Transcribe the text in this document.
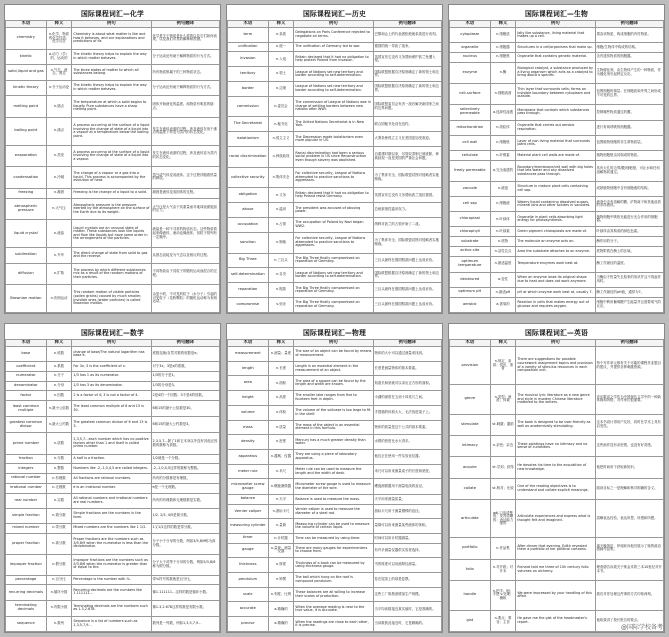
国际课程词汇—化学
术语	释义	例句	例句翻译
chemistry	n.化学，物质的化学性质；化学反应	Chemistry is about what matter is like and how it behaves, and our explanations and predictions of its	化学是关于物质是什么样的以及它们如何表现，以及我们对其的解释和预测。
kinetic	a.动力（学）的，运动的	The kinetic theory helps to explain the way in which matter behaves.	分子运动论有助于解释物质的行为方式。
solid,liquid and gas	n.气态，液态，固态	The three states of matter to which all substances belong.	所有物质都属于的三种物质状态。
kinetic theory	n.分子运动论	The kinetic theory helps to explain the way in which matter behaves.	分子运动论有助于解释物质的行为方式。
melting point	n.熔点	The temperature at which a solid begins to liquefy. Pure substances have a sharp melting point.	固体开始液化的温度。纯物质有明显的熔点。
boiling point	n.沸点	A process occurring at the surface of a liquid involving the change of state of a liquid into a vapour at a temperature below the boiling point.	发生在液体表面的过程，涉及液体在低于沸点的温度下转变为蒸汽的状态变化。
evaporation	n.蒸发	A process occurring at the surface of a liquid involving the change of state of a liquid into a vapour.	发生在液体表面的过程，涉及液体变为蒸汽的状态变化。
condensation	n.冷凝	The change of a vapour or a gas into a liquid. This process is accompanied by the evolution of heat.	蒸气或气体变成液体。这个过程伴随着热量的释放。
freezing	n.凝固	Freezing is the change of a liquid to a solid.	凝固是液体变成固体的过程。
atmospheric pressure	n.大气压	Atmospheric pressure is the pressure exerted by the atmosphere on the surface of the Earth due to its weight.	大气压是大气由于其重量而对地球表面施加的压力。
liquid crystal	n.液晶	Liquid crystals are an unusual state of matter. These substances look like liquids and flow like liquids but have some order in the arrangement of the particles.	液晶是一种不寻常的物质状态。这些物质看起来像液体，流动也像液体，但粒子排列有一定顺序。
sublimation	n.升华	The direct change of state from solid to gas and the reverse.	从固态直接变为气态以及相反的过程。
diffusion	n.扩散	The process by which different substances mix as a result of the random motions of their particles.	不同物质由于其粒子的随机运动而混合的过程。
Brownian motion	n.布朗运动	This random motion of visible particles (pollen grains) caused by much smaller, invisible ones (water particles) is called Brownian motion.	由更小的、不可见的粒子（水分子）引起的可见粒子（花粉颗粒）的随机运动称为布朗运动。
国际课程词汇—历史
术语	释义	例句	例句翻译
term	n.条款	Delegations on Paris Conference rejected to negotiate on terms.	巴黎和会上的代表团拒绝就条款进行谈判。
unification	n.统一	The unification of Germany led to war.	德国的统一导致了战争。
invasion	n.入侵	Britain declared that it had no obligation to help protect Poland from invasion.	英国宣布它没有义务帮助保护波兰免遭入侵。
territory	n.领土	League of Nations set new territory and border according to self-determination.	国际联盟根据自决原则确定了新的领土和边界。
border	n.边境	League of Nations set new territory and border according to self-determination.	国际联盟根据自决原则确定了新的领土和边界。
commission	n.委员会	The commission of League of Nations was in charge of settling borders between new nations after WWI.	国际联盟委员会负责一战后解决新国家之间的边界问题。
The Secretariat	n.秘书处	The United Nations Secretariat is in New York.	联合国秘书处设在纽约。
isolationism	n.孤立主义	The Depression made isolationism even more popular in US.	大萧条使孤立主义在美国更加受欢迎。
racial discrimination	n.种族歧视	Racial discrimination had been a serious social problem in US since Reconstruction even though slavery was abolished.	自重建时期以来，尽管奴隶制已被废除，种族歧视一直是美国的严重社会问题。
collective security	n.集体安全	For collective security, League of Nations attempted to practice sanctions to aggressors.	为了集体安全，国际联盟试图对侵略者实施制裁。
obligation	n.义务	Britain declared that it had no obligation to help Poland resist Germany.	英国宣布它没有义务帮助波兰抵抗德国。
abuse	n.滥用	The president was accused of abusing power.	总统被指控滥用权力。
occupation	n.占领	The occupation of Poland by Nazi began WW2.	纳粹对波兰的占领开始了二战。
sanction	n.制裁	For collective security, League of Nations attempted to practice sanctions to aggressors.	为了集体安全，国际联盟试图对侵略者实施制裁。
Big Three	n.三巨头	The Big Three finally compromised on reparation of Germany.	三巨头最终在德国赔款问题上达成妥协。
self-determination	n.自决	League of Nations set new territory and border according to self-determination.	国际联盟根据自决原则确定了新的领土和边界。
reparation	n.赔款	The Big Three finally compromised on reparation of Germany.	三巨头最终在德国赔款问题上达成妥协。
compromise	v.妥协	The Big Three finally compromised on reparation of Germany.	三巨头最终在德国赔款问题上达成妥协。
国际课程词汇—生物
术语	释义	例句	例句翻译
cytoplasm	n.细胞质	Jelly like substance, lining material that makes up a cell.	果冻状物质，构成细胞的内衬物质。
organelle	n.细胞器	Structures in a cell/organisms that make up.	细胞/生物体中构成的结构。
nucleus	n.细胞核	Organelle that contains genetic material.	含有遗传物质的细胞器。
enzyme	n.酶	Biological catalyst, a substance produced by a living organism which acts as a catalyst to bring about a specific.	生物催化剂，由生物体产生的一种物质，作为催化剂引起特定反应。
cell-surface	n.细胞表面	Thin layer that surrounds cells; forms an invisible boundary between cytoplasm and outside.	包围细胞的薄层；在细胞质和外界之间形成不可见的边界。
selectively permeable	a.选择性渗透	Membrane that controls which substances pass through.	控制哪些物质通过的膜。
mitochondrion	n.线粒体	Organelle that carries out aerobic respiration.	进行有氧呼吸的细胞器。
cell wall	n.细胞壁	Layer of non living material that surrounds plant cells.	包围植物细胞的非生命物质层。
cellulose	n.纤维素	Material plant cell walls are made of.	植物细胞壁由其构成的物质。
freely permeable	a.完全渗透的	Boundary/membrane/cell wall with big holes that lets water and any dissolved substances pass through.	具有大孔的边界/膜/细胞壁，可让水和任何溶解物质通过。
vacuole	n.液泡	Structure in mature plant cells containing cell sap.	成熟植物细胞中含有细胞液的结构。
cell sap	n.细胞液	Watery liquid containing dissolved sugars, mineral ions and other solutes in vacuoles.	液泡中含有溶解的糖、矿物离子和其他溶质的水样液体。
chloroplast	n.叶绿体	Organelle in plant cells absorbing light energy for photosynthesis.	植物细胞中吸收光能进行光合作用的细胞器。
chlorophyll	n.叶绿素	Green pigment chloroplasts are made of.	叶绿体由其构成的绿色色素。
substrate	n.底物	The molecule an enzyme acts on.	酶作用的分子。
active site	n.活性位点	Area the substrate attaches to on enzyme.	底物附着在酶上的区域。
optimum temperature	n.最适温度	Temperature enzymes work best at.	酶工作最佳的温度。
denatured	a.变性	When an enzyme loses its original shape due to heat and does not work anymore.	当酶由于热量失去原来的形状并且不再起作用时。
optimum pH	n.最适pH	pH at which enzyme work best at, usually 7.	酶工作最佳的pH值，通常为7。
aerobic	a.需氧的	Reaction in cells that makes energy out of glucose and requires oxygen.	细胞中利用葡萄糖产生能量并且需要氧气的反应。
国际课程词汇—数学
术语	释义	例句	例句翻译
base	n.底数	change of base/The natural logarithm has base e.	底数变换/自然对数的底数是e。
coefficient	n.系数	For 3x, 3 is the coefficient of x.	对于3x，3是x的系数。
numerator	n.分子	1/3 has 1 as its numerator.	1/3的分子是1。
denominator	n.分母	1/3 has 3 as its denominator.	1/3的分母是3。
factor	n.因数	2 is a factor of 4; 3 is not a factor of 4.	2是4的一个因数；3不是4的因数。
least common multiple	n.最小公倍数	The least common multiple of 6 and 15 is 30.	6和15的最小公倍数是30。
greatest common divisor	n.最大公约数	The greatest common divisor of 6 and 15 is 3.	6和15的最大公约数是3。
prime number	n.质数	2,3,5,7…each number which has no positive factors other than 1 and itself is called prime number.	2,3,5,7…除了1和它本身以外没有其他正因数的数称为质数。
fraction	n.分数	A half is a fraction.	1/2就是一个分数。
integers	n.整数	Numbers like -2,-1,0,4,5 are called integers.	-2,-1,0,4,5这样的数称为整数。
rational number	n.有理数	All fractions are rational numbers.	所有的分数都是有理数。
irrational number	n.无理数	π is an irrational number.	π是一个无理数。
real number	n.实数	All rational numbers and irrational numbers are real numbers.	所有的有理数和无理数都是实数。
simple fraction	n.简分数	Simple fractions are the numbers in the form.	1/2, 2/3, 4/5是简分数。
mixed number	n.带分数	Mixed numbers are the numbers like 1 1/2.	1又1/2这样的数是带分数。
proper fraction	n.真分数	Proper fractions are the numbers such as 3/5,8/9 when the numerator is less than the denominator.	分子小于分母的分数，例如3/5,8/9称为真分数。
improper fraction	n.假分数	Improper fractions are the numbers such as 5/3,8/6 when the numerator is greater than or equal to the.	分子大于或等于分母的分数，例如5/3,8/6称为假分数。
percentage	n.百分比	Percentage is the number with %.	带%符号的数就是百分比。
recurring decimals	n.循环小数	Recurring decimals are the numbers like 1.111111…	像1.111111…这样的数是循环小数。
terminating decimals	n.有限小数	Terminating decimals are the numbers such as 1.3,2.678.	像1.3,2.678这样的数是有限小数。
sequence	n.数列	Sequence is a list of numbers such as 1,3,5,7,9…	数列是一列数，例如1,3,5,7,9…
国际课程词汇—物理
术语	释义	例句	例句翻译
measurement	n.测量；量度	The size of an object can be found by means of measurement.	物体的大小可以通过测量来找到。
length	n.长度	Length is an essential element in the measurement of an object.	长度是测量物体的基本要素。
area	n.面积	The area of a square can be found by the length and width are known.	知道长和宽就可以求出正方形的面积。
height	n.高度	The smaller lake ranges from five to fourteen feet in depth.	小湖的深度在五到十四英尺之间。
volume	n.体积	The volume of the suitcase is too large to fit in the shelf.	手提箱的体积太大，无法放进架子上。
mass	n.质量	The mass of the object is an essential element in this formula.	物体的质量是这个公式的基本要素。
density	n.密度	Mercury has a much greater density than water.	水银的密度比水大得多。
apparatus	n.器械；仪器	They are using a piece of laboratory apparatus.	他们正在使用一件实验室仪器。
meter rule	n.米尺	Meter rule can be used to measure the length and the width of desk.	米尺可以用来测量桌子的长度和宽度。
micrometer screw gauge	n.螺旋测微器	Micrometer screw gauge is used to measure the diameter of the wire.	螺旋测微器用于测量电线的直径。
balance	n.天平	Balance is used to measure the mass.	天平用来测量质量。
Vernier caliper	n.游标卡尺	Vernier caliper is used to measure the diameter of a steel rod.	游标卡尺用于测量钢棒的直径。
measuring cylinder	n.量筒	Measuring cylinder can be used to measure the volume of certain liquid.	量筒可以用来测量某些液体的体积。
timer	n.计时器	Time can be measured by using timer.	时间可以用计时器测量。
gauge	n.量规；测量仪器	There are many gauges for experimenters to choose from.	有许多测量仪器供实验者选择。
thickness	n.厚度	Thickness of a book can be measured by using thickness gauge.	书的厚度可以用测厚仪测量。
pendulum	n.钟摆	The ball which hung on the roof is compound pendulum.	挂在屋顶上的球是复摆。
scale	n.刻度；比例	These balances are all willing to increase their scales of production.	这些工厂都愿意增加生产规模。
accurate	a.精确的	When the average reading is near to the true value, it is accurate.	当平均读数接近真实值时，它是准确的。
precise	a.精确的	When the readings are close to each other, it is precise.	当读数彼此接近时，它是精确的。
国际课程词汇—英语
术语	释义	例句	例句翻译
provision	n.规定，条款；供应，准备	There are suggestions for possible coursework assignment topics and provision of a variety of stimulus resources in each composition unit.	每个写作单元都有关于可能的课程作业题目的建议，并提供各种刺激资源。
genre	n.类型；流派；体裁	The musical lyric literature as a new genre and style in modern Chinese literature mattered to the writers.	音乐歌词文学作为中国现代文学中的一种新体裁和风格，对作家们很重要。
stimulate	vt.刺激；激励	The book is designed to be user-friendly as well as academically stimulating.	这本书设计得用户友好，同时在学术上具有启发性。
intimacy	n.亲密；亲近	These paintings have no intimacy and no sense of curiosities.	这些画作没有亲密感，也没有好奇感。
acquire	vt.学到；获得	He devotes his time to the acquisition of new knowledge.	他把时间用于获取新知识。
collate	vt.核对；比较	One of the reading objectives is to understand and collate explicit meanings.	阅读目标之一是理解和核对明确的含义。
articulate	adj.口齿清楚的；发音清晰的；表达能力强的	Articulate experiences and express what is thought felt and imagined.	清晰表达经验，表达所思、所感和所想。
portfolio	n.作品集	After dinner that evening, Edith revealed them a portfolio of her political cartoons.	那天晚饭后，伊迪丝向他们展示了她的政治漫画作品集。
folio	n.对开纸；对开本	Richard told me three of 10h century folio volumes on alchemy.	理查德告诉我关于炼金术的三本10世纪对开本书。
handle	n.把手；柄；手感 v.处理；操纵	We were impressed by your handling of this affair.	我们对你处理这件事的方式印象深刻。
gist	n.要点；要旨；主旨	He gave me the gist of the headmaster's report.	他给我讲了校长报告的要点。
@国际学校备考
